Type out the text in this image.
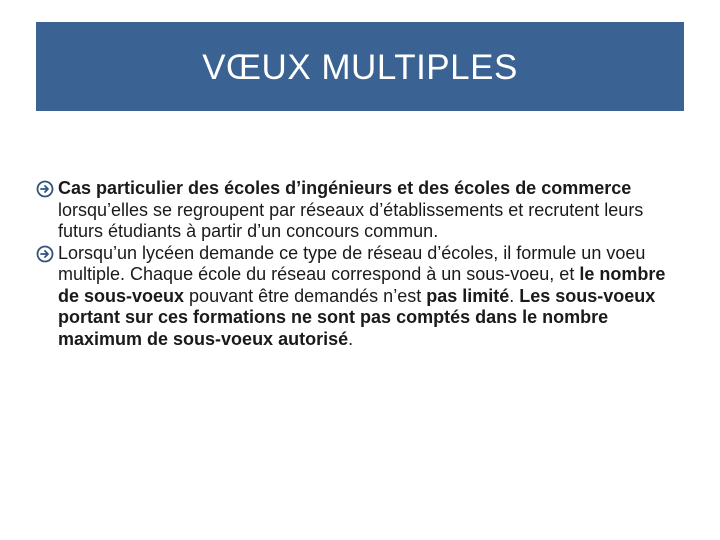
VŒUX MULTIPLES

Cas particulier des écoles d’ingénieurs et des écoles de commerce lorsqu’elles se regroupent par réseaux d’établissements et recrutent leurs futurs étudiants à partir d’un concours commun.

Lorsqu’un lycéen demande ce type de réseau d’écoles, il formule un voeu multiple. Chaque école du réseau correspond à un sous-voeu, et le nombre de sous-voeux pouvant être demandés n’est pas limité. Les sous-voeux portant sur ces formations ne sont pas comptés dans le nombre maximum de sous-voeux autorisé.
